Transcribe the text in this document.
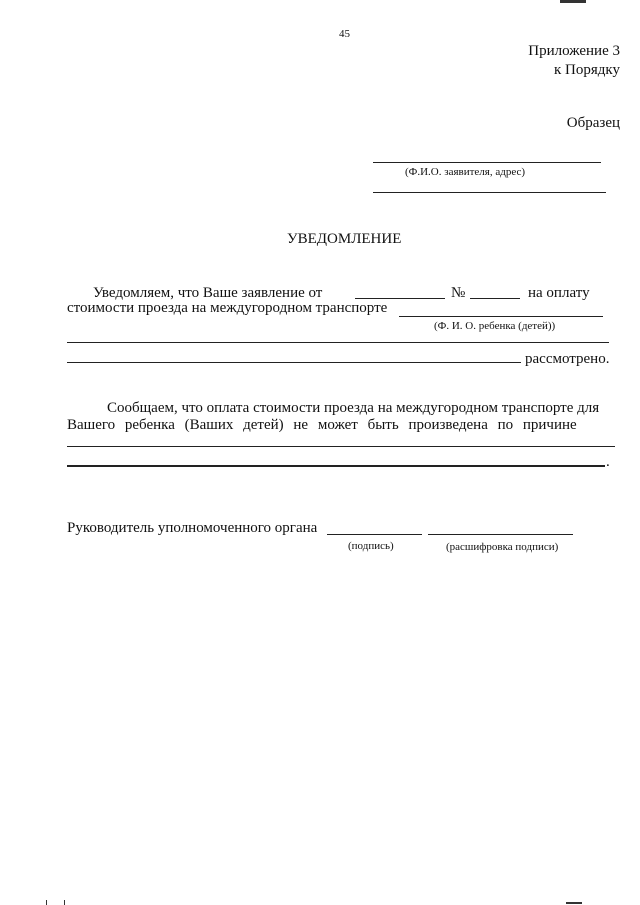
45
Приложение 3
к Порядку
Образец
(Ф.И.О. заявителя, адрес)
УВЕДОМЛЕНИЕ
Уведомляем, что Ваше заявление от	№	на оплату
стоимости проезда на междугородном транспорте
(Ф. И. О. ребенка (детей))
рассмотрено.
Сообщаем, что оплата стоимости проезда на междугородном транспорте для
Вашего ребенка (Ваших детей) не может быть произведена по причине
.
Руководитель уполномоченного органа
(подпись)	(расшифровка подписи)
